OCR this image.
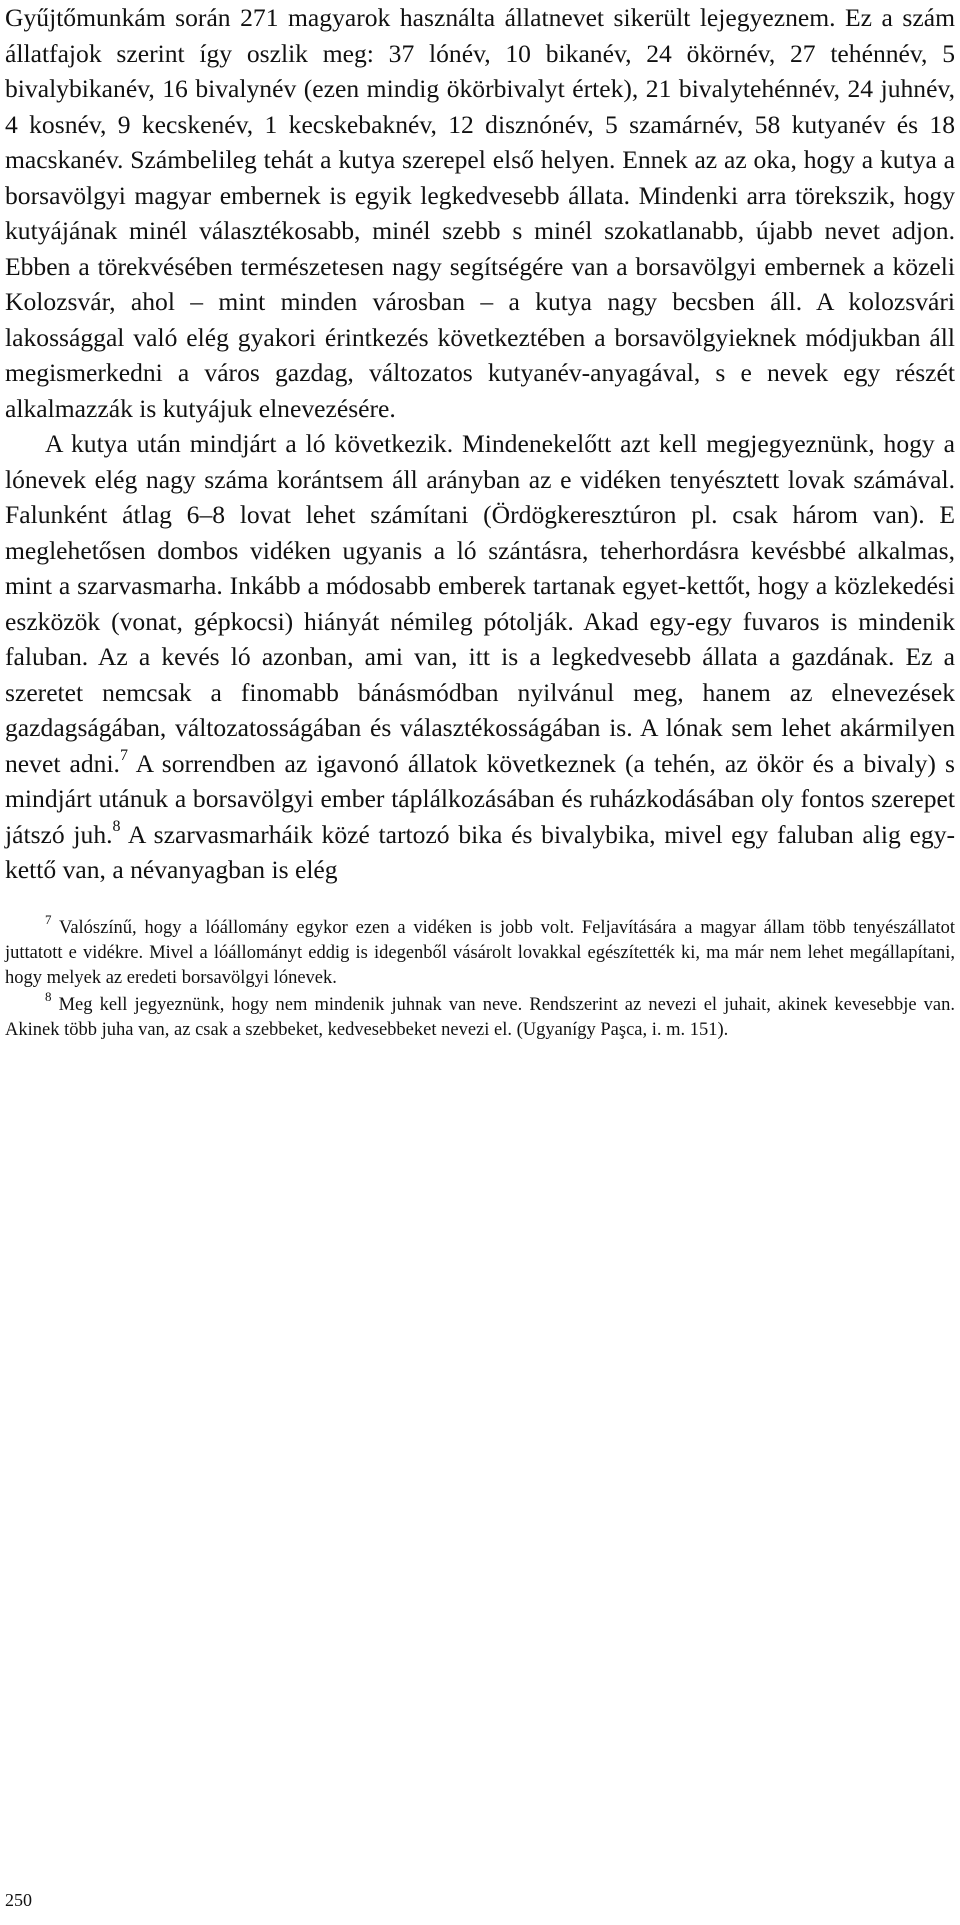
Gyűjtőmunkám során 271 magyarok használta állatnevet sikerült lejegyeznem. Ez a szám állatfajok szerint így oszlik meg: 37 lónév, 10 bikanév, 24 ökörnév, 27 tehénnév, 5 bivalybikanév, 16 bivalynév (ezen mindig ökörbivalyt értek), 21 bivalytehénnév, 24 juhnév, 4 kosnév, 9 kecskenév, 1 kecskebaknév, 12 disznónév, 5 szamárnév, 58 kutyanév és 18 macskanév. Számbelileg tehát a kutya szerepel első helyen. Ennek az az oka, hogy a kutya a borsavölgyi magyar embernek is egyik legkedvesebb állata. Mindenki arra törekszik, hogy kutyájának minél választékosabb, minél szebb s minél szokatlanabb, újabb nevet adjon. Ebben a törekvésében természetesen nagy segítségére van a borsavölgyi embernek a közeli Kolozsvár, ahol – mint minden városban – a kutya nagy becsben áll. A kolozsvári lakossággal való elég gyakori érintkezés következtében a borsavölgyieknek módjukban áll megismerkedni a város gazdag, változatos kutyanév-anyagával, s e nevek egy részét alkalmazzák is kutyájuk elnevezésére.

A kutya után mindjárt a ló következik. Mindenekelőtt azt kell megjegyeznünk, hogy a lónevek elég nagy száma korántsem áll arányban az e vidéken tenyésztett lovak számával. Falunként átlag 6–8 lovat lehet számítani (Ördögkeresztúron pl. csak három van). E meglehetősen dombos vidéken ugyanis a ló szántásra, teherhordásra kevésbbé alkalmas, mint a szarvasmarha. Inkább a módosabb emberek tartanak egyet-kettőt, hogy a közlekedési eszközök (vonat, gépkocsi) hiányát némileg pótolják. Akad egy-egy fuvaros is mindenik faluban. Az a kevés ló azonban, ami van, itt is a legkedvesebb állata a gazdának. Ez a szeretet nemcsak a finomabb bánásmódban nyilvánul meg, hanem az elnevezések gazdagságában, változatosságában és választékosságában is. A lónak sem lehet akármilyen nevet adni.$^7$ A sorrendben az igavonó állatok következnek (a tehén, az ökör és a bivaly) s mindjárt utánuk a borsavölgyi ember táplálkozásában és ruházkodásában oly fontos szerepet játszó juh.$^8$ A szarvasmarháik közé tartozó bika és bivalybika, mivel egy faluban alig egy-kettő van, a névanyagban is elég

$^7$ Valószínű, hogy a lóállomány egykor ezen a vidéken is jobb volt. Feljavítására a magyar állam több tenyészállatot juttatott e vidékre. Mivel a lóállományt eddig is idegenből vásárolt lovakkal egészítették ki, ma már nem lehet megállapítani, hogy melyek az eredeti borsavölgyi lónevek.

$^8$ Meg kell jegyeznünk, hogy nem mindenik juhnak van neve. Rendszerint az nevezi el juhait, akinek kevesebbje van. Akinek több juha van, az csak a szebbeket, kedvesebbeket nevezi el. (Ugyanígy Paşca, i. m. 151).

250
